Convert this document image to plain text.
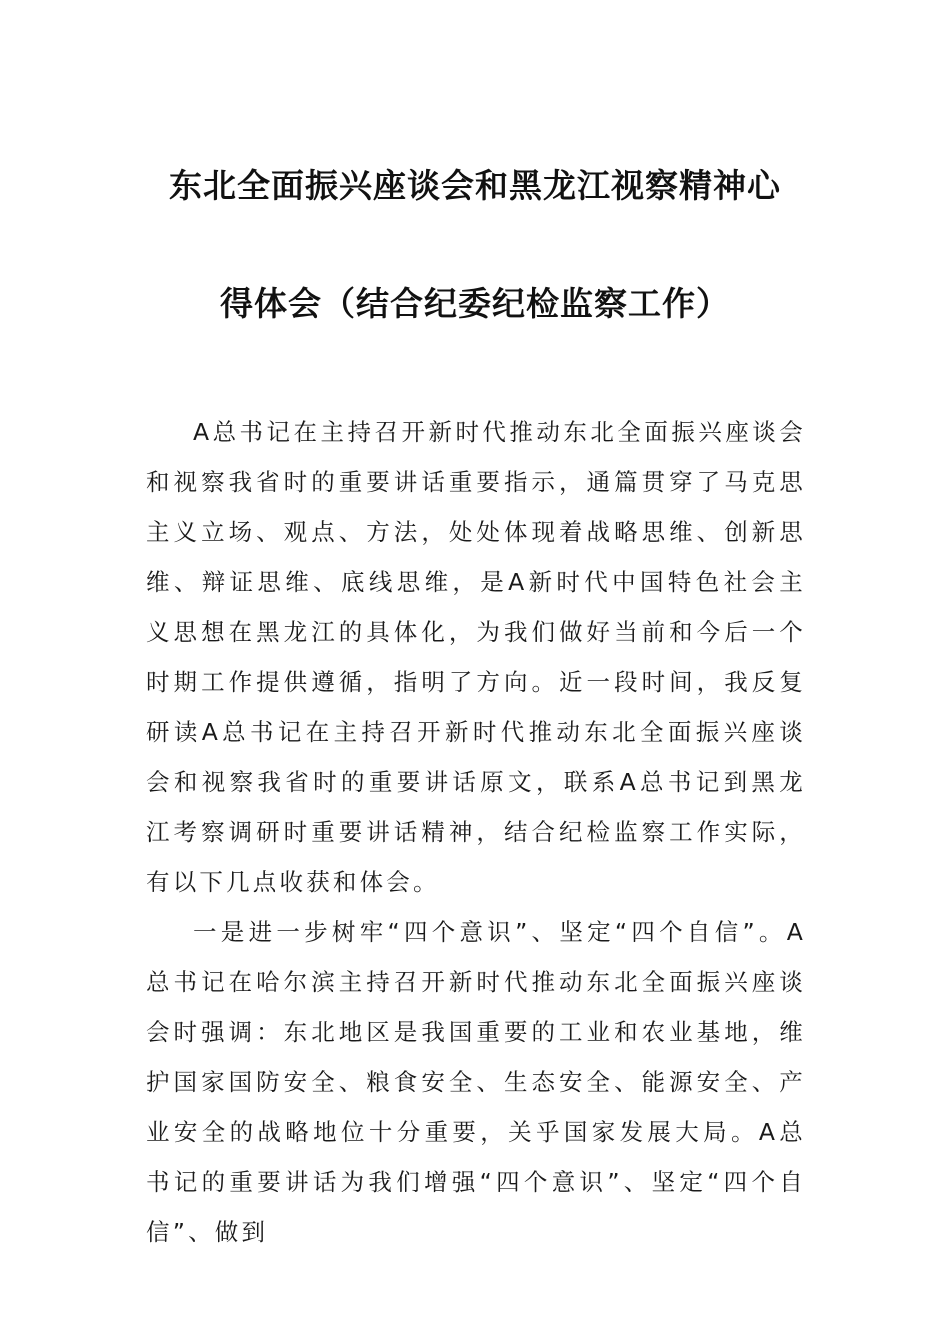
东北全面振兴座谈会和黑龙江视察精神心
得体会（结合纪委纪检监察工作）

A总书记在主持召开新时代推动东北全面振兴座谈会和视察我省时的重要讲话重要指示，通篇贯穿了马克思主义立场、观点、方法，处处体现着战略思维、创新思维、辩证思维、底线思维，是A新时代中国特色社会主义思想在黑龙江的具体化，为我们做好当前和今后一个时期工作提供遵循，指明了方向。近一段时间，我反复研读A总书记在主持召开新时代推动东北全面振兴座谈会和视察我省时的重要讲话原文，联系A总书记到黑龙江考察调研时重要讲话精神，结合纪检监察工作实际，有以下几点收获和体会。

一是进一步树牢“四个意识”、坚定“四个自信”。A总书记在哈尔滨主持召开新时代推动东北全面振兴座谈会时强调：东北地区是我国重要的工业和农业基地，维护国家国防安全、粮食安全、生态安全、能源安全、产业安全的战略地位十分重要，关乎国家发展大局。A总书记的重要讲话为我们增强“四个意识”、坚定“四个自信”、做到
